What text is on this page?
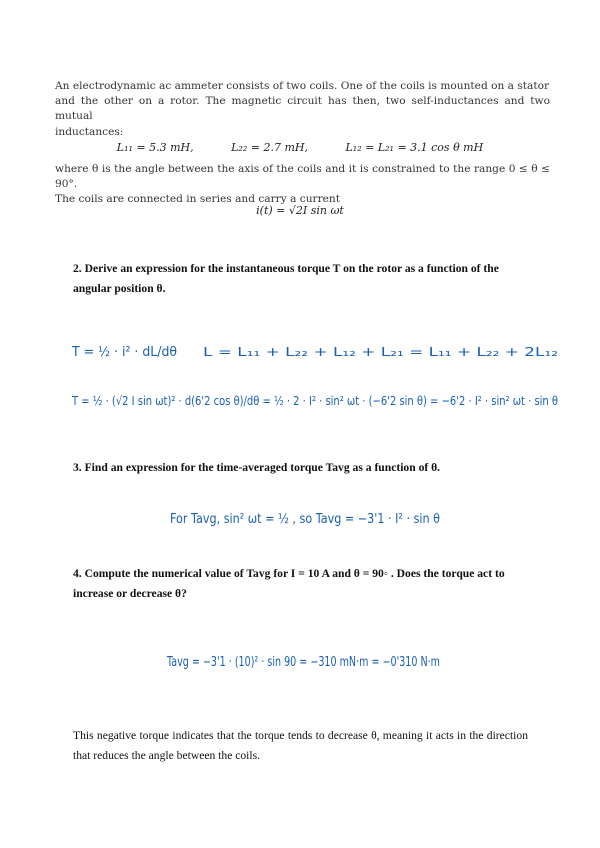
An electrodynamic ac ammeter consists of two coils. One of the coils is mounted on a stator

and the other on a rotor. The magnetic circuit has then, two self-inductances and two mutual

inductances:

L₁₁ = 5.3 mH,	L₂₂ = 2.7 mH,	L₁₂ = L₂₁ = 3.1 cos θ mH

where θ is the angle between the axis of the coils and it is constrained to the range 0 ≤ θ ≤ 90°.

The coils are connected in series and carry a current

i(t) = √2I sin ωt
2. Derive an expression for the instantaneous torque T on the rotor as a function of the angular position θ.
3. Find an expression for the time-averaged torque Tavg as a function of θ.
4. Compute the numerical value of Tavg for I = 10 A and θ = 90◦ . Does the torque act to increase or decrease θ?
T = ½ · i² · dL/dθ L = L₁₁ + L₂₂ + L₁₂ + L₂₁ = L₁₁ + L₂₂ + 2L₁₂
T = ½ · (√2 I sin ωt)² · d(6'2 cos θ)/dθ = ½ · 2 · I² · sin² ωt · (−6'2 sin θ) = −6'2 · I² · sin² ωt · sin θ
For Tavg, sin² ωt = ½ , so Tavg = −3'1 · I² · sin θ
Tavg = −3'1 · (10)² · sin 90 = −310 mN·m = −0'310 N·m
This negative torque indicates that the torque tends to decrease θ, meaning it acts in the direction that reduces the angle between the coils.
